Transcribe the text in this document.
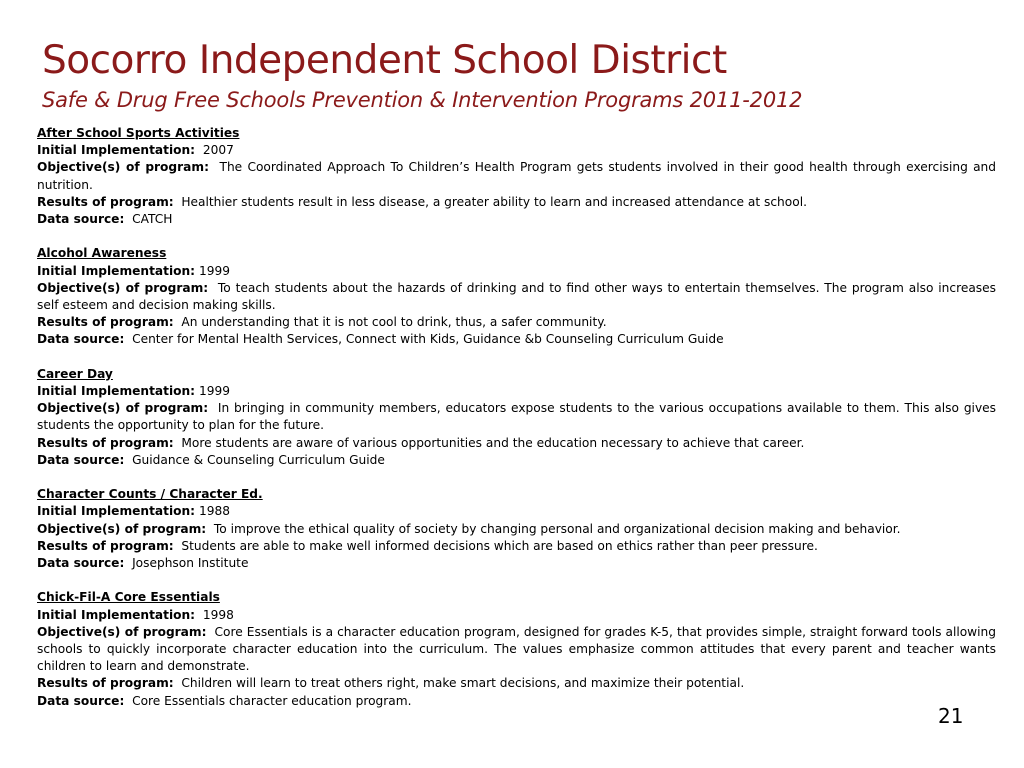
Socorro Independent School District
Safe & Drug Free Schools Prevention & Intervention Programs 2011-2012
After School Sports Activities
Initial Implementation: 2007
Objective(s) of program: The Coordinated Approach To Children’s Health Program gets students involved in their good health through exercising and nutrition.
Results of program: Healthier students result in less disease, a greater ability to learn and increased attendance at school.
Data source: CATCH
Alcohol Awareness
Initial Implementation: 1999
Objective(s) of program: To teach students about the hazards of drinking and to find other ways to entertain themselves. The program also increases self esteem and decision making skills.
Results of program: An understanding that it is not cool to drink, thus, a safer community.
Data source: Center for Mental Health Services, Connect with Kids, Guidance &b Counseling Curriculum Guide
Career Day
Initial Implementation: 1999
Objective(s) of program: In bringing in community members, educators expose students to the various occupations available to them. This also gives students the opportunity to plan for the future.
Results of program: More students are aware of various opportunities and the education necessary to achieve that career.
Data source: Guidance & Counseling Curriculum Guide
Character Counts / Character Ed.
Initial Implementation: 1988
Objective(s) of program: To improve the ethical quality of society by changing personal and organizational decision making and behavior.
Results of program: Students are able to make well informed decisions which are based on ethics rather than peer pressure.
Data source: Josephson Institute
Chick-Fil-A Core Essentials
Initial Implementation: 1998
Objective(s) of program: Core Essentials is a character education program, designed for grades K-5, that provides simple, straight forward tools allowing schools to quickly incorporate character education into the curriculum. The values emphasize common attitudes that every parent and teacher wants children to learn and demonstrate.
Results of program: Children will learn to treat others right, make smart decisions, and maximize their potential.
Data source: Core Essentials character education program.
21
